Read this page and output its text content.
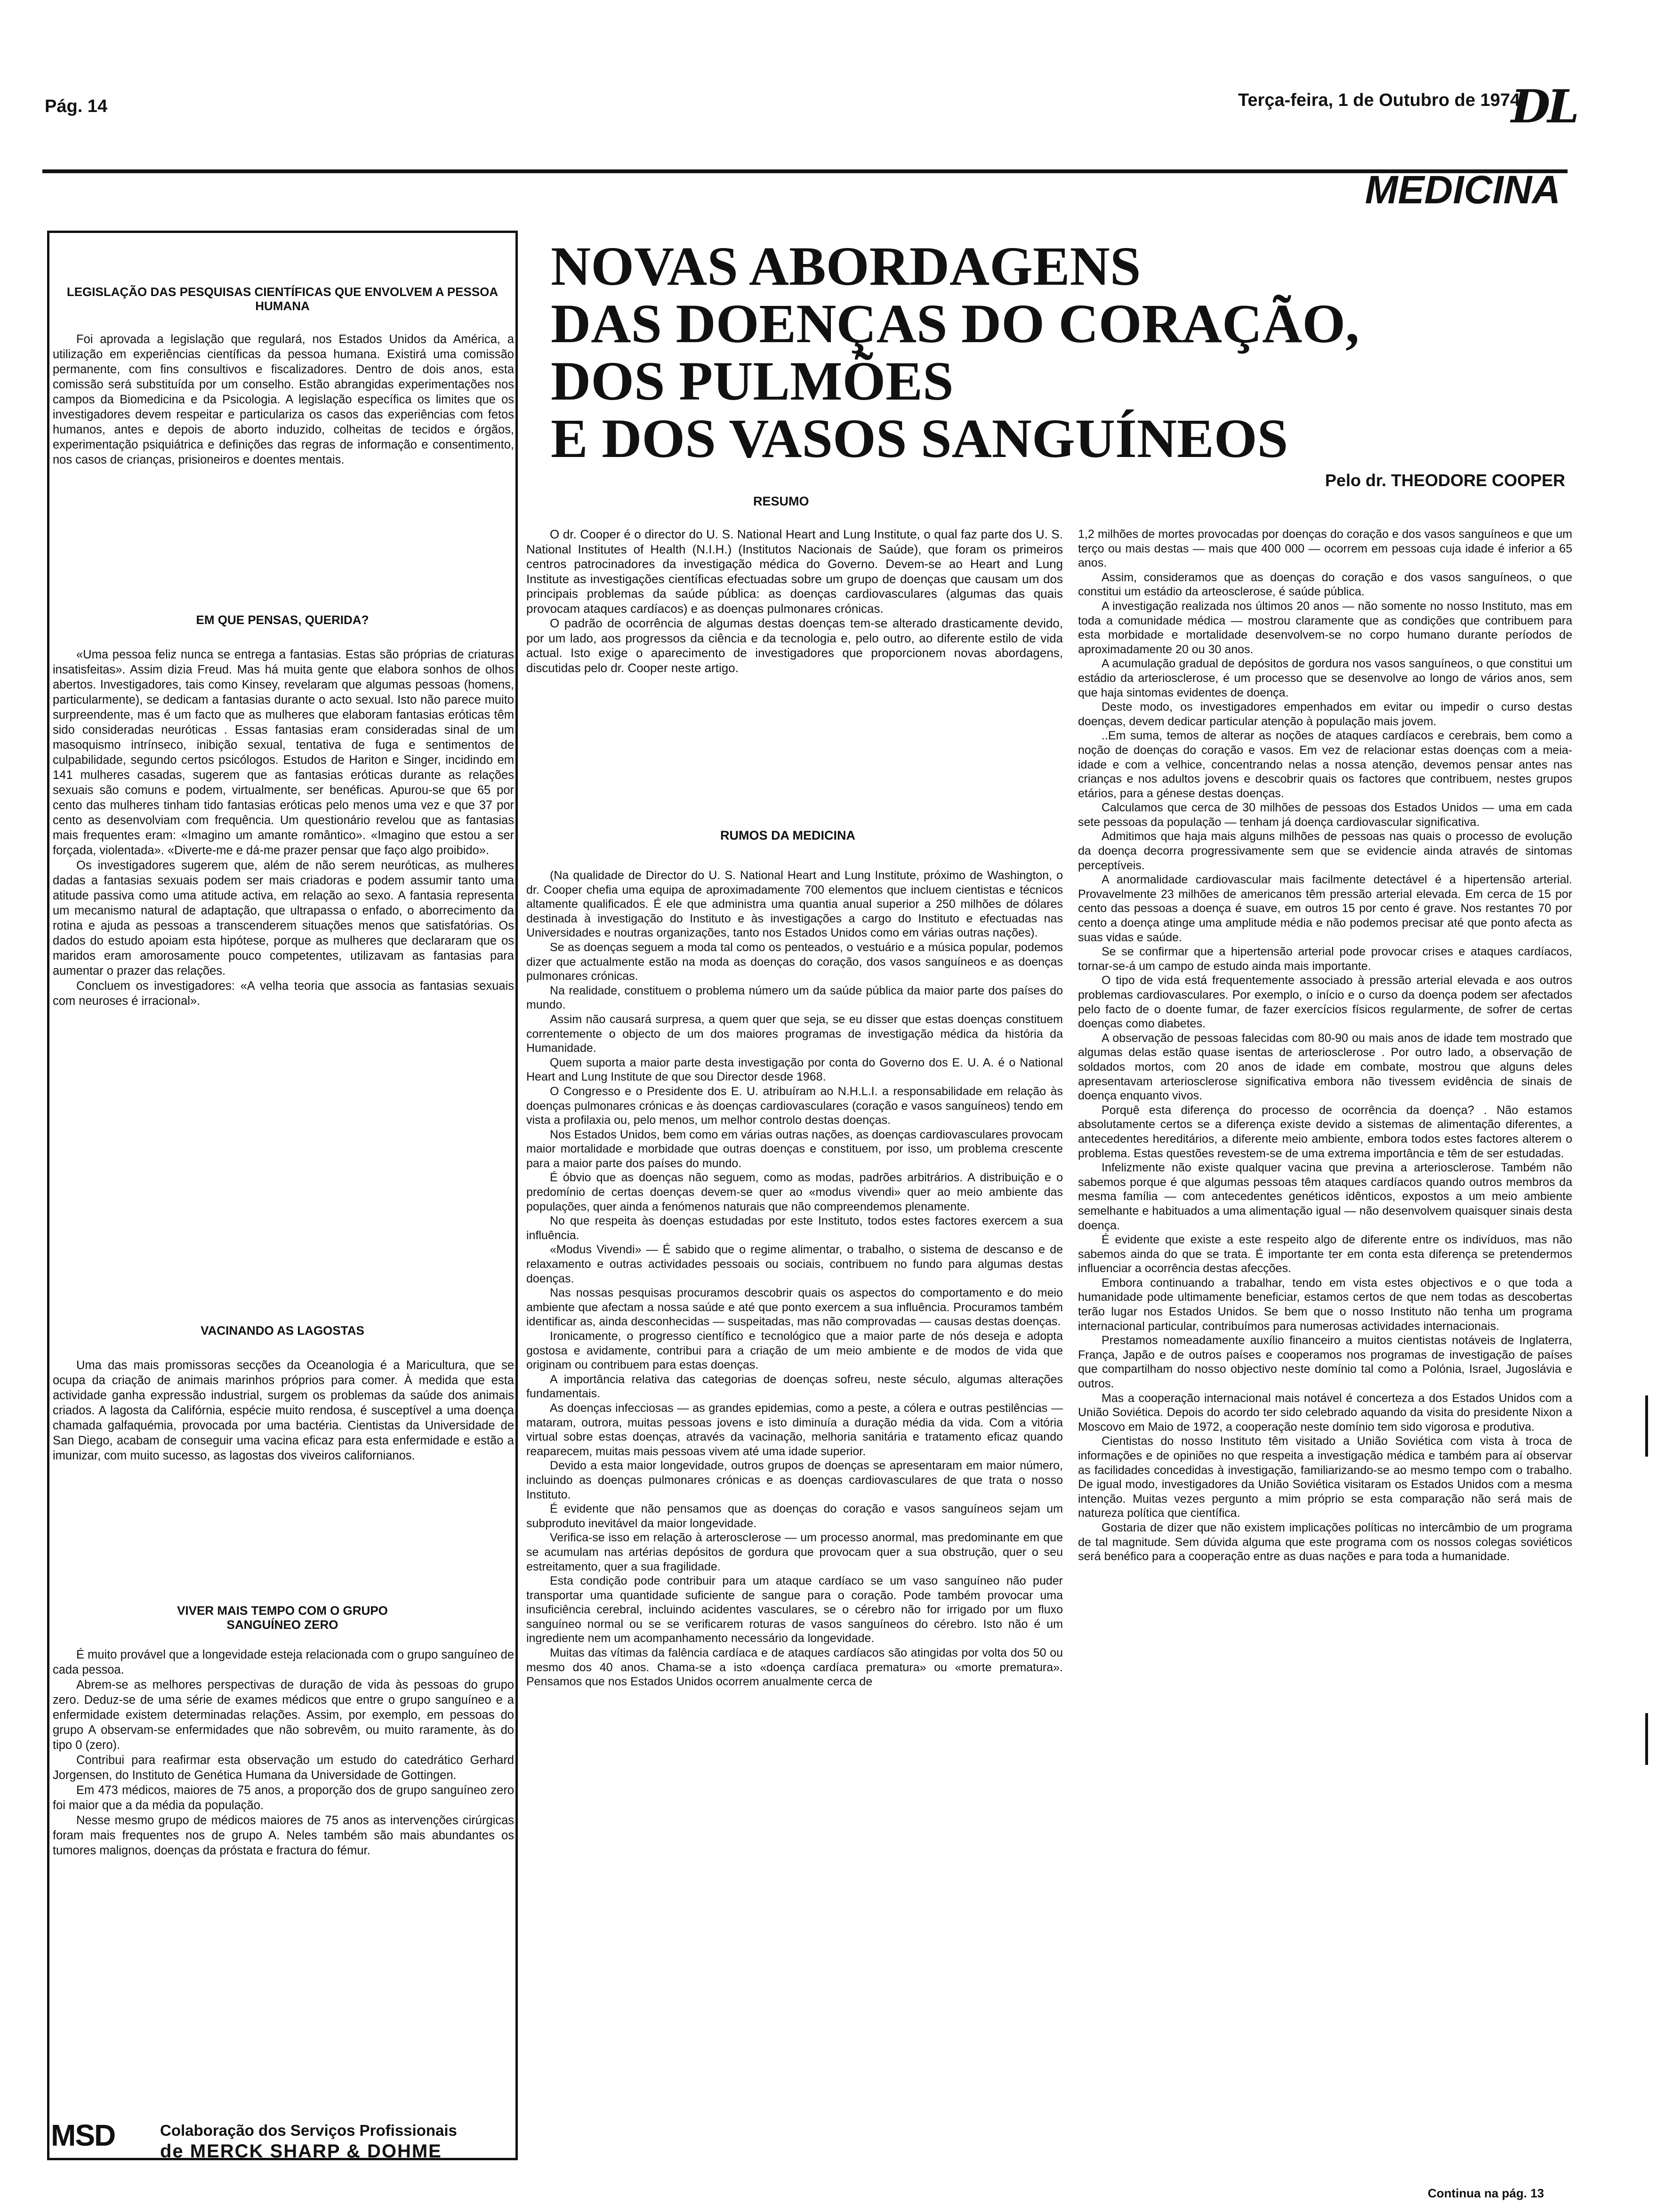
Pág. 14	Terça-feira, 1 de Outubro de 1974
DL
MEDICINA
LEGISLAÇÃO DAS PESQUISAS CIENTÍFICAS QUE ENVOLVEM A PESSOA HUMANA

Foi aprovada a legislação que regulará, nos Estados Unidos da América, a utilização em experiências científicas da pessoa humana. Existirá uma comissão permanente, com fins consultivos e fiscalizadores. Dentro de dois anos, esta comissão será substituída por um conselho. Estão abrangidas experimentações nos campos da Biomedicina e da Psicologia. A legislação específica os limites que os investigadores devem respeitar e particulariza os casos das experiências com fetos humanos, antes e depois de aborto induzido, colheitas de tecidos e órgãos, experimentação psiquiátrica e definições das regras de informação e consentimento, nos casos de crianças, prisioneiros e doentes mentais.

EM QUE PENSAS, QUERIDA?

«Uma pessoa feliz nunca se entrega a fantasias. Estas são próprias de criaturas insatisfeitas». Assim dizia Freud. Mas há muita gente que elabora sonhos de olhos abertos. Investigadores, tais como Kinsey, revelaram que algumas pessoas (homens, particularmente), se dedicam a fantasias durante o acto sexual. Isto não parece muito surpreendente, mas é um facto que as mulheres que elaboram fantasias eróticas têm sido consideradas neuróticas . Essas fantasias eram consideradas sinal de um masoquismo intrínseco, inibição sexual, tentativa de fuga e sentimentos de culpabilidade, segundo certos psicólogos. Estudos de Hariton e Singer, incidindo em 141 mulheres casadas, sugerem que as fantasias eróticas durante as relações sexuais são comuns e podem, virtualmente, ser benéficas. Apurou-se que 65 por cento das mulheres tinham tido fantasias eróticas pelo menos uma vez e que 37 por cento as desenvolviam com frequência. Um questionário revelou que as fantasias mais frequentes eram: «Imagino um amante romântico». «Imagino que estou a ser forçada, violentada». «Diverte-me e dá-me prazer pensar que faço algo proibido».

Os investigadores sugerem que, além de não serem neuróticas, as mulheres dadas a fantasias sexuais podem ser mais criadoras e podem assumir tanto uma atitude passiva como uma atitude activa, em relação ao sexo. A fantasia representa um mecanismo natural de adaptação, que ultrapassa o enfado, o aborrecimento da rotina e ajuda as pessoas a transcenderem situações menos que satisfatórias. Os dados do estudo apoiam esta hipótese, porque as mulheres que declararam que os maridos eram amorosamente pouco competentes, utilizavam as fantasias para aumentar o prazer das relações.

Concluem os investigadores: «A velha teoria que associa as fantasias sexuais com neuroses é irracional».

VACINANDO AS LAGOSTAS

Uma das mais promissoras secções da Oceanologia é a Maricultura, que se ocupa da criação de animais marinhos próprios para comer. À medida que esta actividade ganha expressão industrial, surgem os problemas da saúde dos animais criados. A lagosta da Califórnia, espécie muito rendosa, é susceptível a uma doença chamada galfaquémia, provocada por uma bactéria. Cientistas da Universidade de San Diego, acabam de conseguir uma vacina eficaz para esta enfermidade e estão a imunizar, com muito sucesso, as lagostas dos viveiros californianos.

VIVER MAIS TEMPO COM O GRUPO SANGUÍNEO ZERO

É muito provável que a longevidade esteja relacionada com o grupo sanguíneo de cada pessoa.

Abrem-se as melhores perspectivas de duração de vida às pessoas do grupo zero. Deduz-se de uma série de exames médicos que entre o grupo sanguíneo e a enfermidade existem determinadas relações. Assim, por exemplo, em pessoas do grupo A observam-se enfermidades que não sobrevêm, ou muito raramente, às do tipo 0 (zero).

Contribui para reafirmar esta observação um estudo do catedrático Gerhard Jorgensen, do Instituto de Genética Humana da Universidade de Gottingen.

Em 473 médicos, maiores de 75 anos, a proporção dos de grupo sanguíneo zero foi maior que a da média da população.

Nesse mesmo grupo de médicos maiores de 75 anos as intervenções cirúrgicas foram mais frequentes nos de grupo A. Neles também são mais abundantes os tumores malignos, doenças da próstata e fractura do fémur.

MSD	Colaboração dos Serviços Profissionais
de MERCK SHARP & DOHME
NOVAS ABORDAGENS
DAS DOENÇAS DO CORAÇÃO,
DOS PULMÕES
E DOS VASOS SANGUÍNEOS
Pelo dr. THEODORE COOPER
RESUMO

O dr. Cooper é o director do U. S. National Heart and Lung Institute, o qual faz parte dos U. S. National Institutes of Health (N.I.H.) (Institutos Nacionais de Saúde), que foram os primeiros centros patrocinadores da investigação médica do Governo. Devem-se ao Heart and Lung Institute as investigações científicas efectuadas sobre um grupo de doenças que causam um dos principais problemas da saúde pública: as doenças cardiovasculares (algumas das quais provocam ataques cardíacos) e as doenças pulmonares crónicas.

O padrão de ocorrência de algumas destas doenças tem-se alterado drasticamente devido, por um lado, aos progressos da ciência e da tecnologia e, pelo outro, ao diferente estilo de vida actual. Isto exige o aparecimento de investigadores que proporcionem novas abordagens, discutidas pelo dr. Cooper neste artigo.

RUMOS DA MEDICINA

(Na qualidade de Director do U. S. National Heart and Lung Institute, próximo de Washington, o dr. Cooper chefia uma equipa de aproximadamente 700 elementos que incluem cientistas e técnicos altamente qualificados. É ele que administra uma quantia anual superior a 250 milhões de dólares destinada à investigação do Instituto e às investigações a cargo do Instituto e efectuadas nas Universidades e noutras organizações, tanto nos Estados Unidos como em várias outras nações).

Se as doenças seguem a moda tal como os penteados, o vestuário e a música popular, podemos dizer que actualmente estão na moda as doenças do coração, dos vasos sanguíneos e as doenças pulmonares crónicas.

Na realidade, constituem o problema número um da saúde pública da maior parte dos países do mundo.

Assim não causará surpresa, a quem quer que seja, se eu disser que estas doenças constituem correntemente o objecto de um dos maiores programas de investigação médica da história da Humanidade.

Quem suporta a maior parte desta investigação por conta do Governo dos E. U. A. é o National Heart and Lung Institute de que sou Director desde 1968.

O Congresso e o Presidente dos E. U. atribuíram ao N.H.L.I. a responsabilidade em relação às doenças pulmonares crónicas e às doenças cardiovasculares (coração e vasos sanguíneos) tendo em vista a profilaxia ou, pelo menos, um melhor controlo destas doenças.

Nos Estados Unidos, bem como em várias outras nações, as doenças cardiovasculares provocam maior mortalidade e morbidade que outras doenças e constituem, por isso, um problema crescente para a maior parte dos países do mundo.

É óbvio que as doenças não seguem, como as modas, padrões arbitrários. A distribuição e o predomínio de certas doenças devem-se quer ao «modus vivendi» quer ao meio ambiente das populações, quer ainda a fenómenos naturais que não compreendemos plenamente.

No que respeita às doenças estudadas por este Instituto, todos estes factores exercem a sua influência.

«Modus Vivendi» — É sabido que o regime alimentar, o trabalho, o sistema de descanso e de relaxamento e outras actividades pessoais ou sociais, contribuem no fundo para algumas destas doenças.

Nas nossas pesquisas procuramos descobrir quais os aspectos do comportamento e do meio ambiente que afectam a nossa saúde e até que ponto exercem a sua influência. Procuramos também identificar as, ainda desconhecidas — suspeitadas, mas não comprovadas — causas destas doenças.

Ironicamente, o progresso científico e tecnológico que a maior parte de nós deseja e adopta gostosa e avidamente, contribui para a criação de um meio ambiente e de modos de vida que originam ou contribuem para estas doenças.

A importância relativa das categorias de doenças sofreu, neste século, algumas alterações fundamentais.

As doenças infecciosas — as grandes epidemias, como a peste, a cólera e outras pestilências — mataram, outrora, muitas pessoas jovens e isto diminuía a duração média da vida. Com a vitória virtual sobre estas doenças, através da vacinação, melhoria sanitária e tratamento eficaz quando reaparecem, muitas mais pessoas vivem até uma idade superior.

Devido a esta maior longevidade, outros grupos de doenças se apresentaram em maior número, incluindo as doenças pulmonares crónicas e as doenças cardiovasculares de que trata o nosso Instituto.

É evidente que não pensamos que as doenças do coração e vasos sanguíneos sejam um subproduto inevitável da maior longevidade.

Verifica-se isso em relação à arteroscIerose — um processo anormal, mas predominante em que se acumulam nas artérias depósitos de gordura que provocam quer a sua obstrução, quer o seu estreitamento, quer a sua fragilidade.

Esta condição pode contribuir para um ataque cardíaco se um vaso sanguíneo não puder transportar uma quantidade suficiente de sangue para o coração. Pode também provocar uma insuficiência cerebral, incluindo acidentes vasculares, se o cérebro não for irrigado por um fluxo sanguíneo normal ou se se verificarem roturas de vasos sanguíneos do cérebro. Isto não é um ingrediente nem um acompanhamento necessário da longevidade.

Muitas das vítimas da falência cardíaca e de ataques cardíacos são atingidas por volta dos 50 ou mesmo dos 40 anos. Chama-se a isto «doença cardíaca prematura» ou «morte prematura». Pensamos que nos Estados Unidos ocorrem anualmente cerca de

1,2 milhões de mortes provocadas por doenças do coração e dos vasos sanguíneos e que um terço ou mais destas — mais que 400 000 — ocorrem em pessoas cuja idade é inferior a 65 anos.

Assim, consideramos que as doenças do coração e dos vasos sanguíneos, o que constitui um estádio da arteosclerose, é saúde pública.

A investigação realizada nos últimos 20 anos — não somente no nosso Instituto, mas em toda a comunidade médica — mostrou claramente que as condições que contribuem para esta morbidade e mortalidade desenvolvem-se no corpo humano durante períodos de aproximadamente 20 ou 30 anos.

A acumulação gradual de depósitos de gordura nos vasos sanguíneos, o que constitui um estádio da arteriosclerose, é um processo que se desenvolve ao longo de vários anos, sem que haja sintomas evidentes de doença.

Deste modo, os investigadores empenhados em evitar ou impedir o curso destas doenças, devem dedicar particular atenção à população mais jovem.

..Em suma, temos de alterar as noções de ataques cardíacos e cerebrais, bem como a noção de doenças do coração e vasos. Em vez de relacionar estas doenças com a meia-idade e com a velhice, concentrando nelas a nossa atenção, devemos pensar antes nas crianças e nos adultos jovens e descobrir quais os factores que contribuem, nestes grupos etários, para a génese destas doenças.

Calculamos que cerca de 30 milhões de pessoas dos Estados Unidos — uma em cada sete pessoas da população — tenham já doença cardiovascular significativa.

Admitimos que haja mais alguns milhões de pessoas nas quais o processo de evolução da doença decorra progressivamente sem que se evidencie ainda através de sintomas perceptíveis.

A anormalidade cardiovascular mais facilmente detectável é a hipertensão arterial. Provavelmente 23 milhões de americanos têm pressão arterial elevada. Em cerca de 15 por cento das pessoas a doença é suave, em outros 15 por cento é grave. Nos restantes 70 por cento a doença atinge uma amplitude média e não podemos precisar até que ponto afecta as suas vidas e saúde.

Se se confirmar que a hipertensão arterial pode provocar crises e ataques cardíacos, tornar-se-á um campo de estudo ainda mais importante.

O tipo de vida está frequentemente associado à pressão arterial elevada e aos outros problemas cardiovasculares. Por exemplo, o início e o curso da doença podem ser afectados pelo facto de o doente fumar, de fazer exercícios físicos regularmente, de sofrer de certas doenças como diabetes.

A observação de pessoas falecidas com 80-90 ou mais anos de idade tem mostrado que algumas delas estão quase isentas de arteriosclerose . Por outro lado, a observação de soldados mortos, com 20 anos de idade em combate, mostrou que alguns deles apresentavam arteriosclerose significativa embora não tivessem evidência de sinais de doença enquanto vivos.

Porquê esta diferença do processo de ocorrência da doença? . Não estamos absolutamente certos se a diferença existe devido a sistemas de alimentação diferentes, a antecedentes hereditários, a diferente meio ambiente, embora todos estes factores alterem o problema. Estas questões revestem-se de uma extrema importância e têm de ser estudadas.

Infelizmente não existe qualquer vacina que previna a arteriosclerose. Também não sabemos porque é que algumas pessoas têm ataques cardíacos quando outros membros da mesma família — com antecedentes genéticos idênticos, expostos a um meio ambiente semelhante e habituados a uma alimentação igual — não desenvolvem quaisquer sinais desta doença.

É evidente que existe a este respeito algo de diferente entre os indivíduos, mas não sabemos ainda do que se trata. É importante ter em conta esta diferença se pretendermos influenciar a ocorrência destas afecções.

Embora continuando a trabalhar, tendo em vista estes objectivos e o que toda a humanidade pode ultimamente beneficiar, estamos certos de que nem todas as descobertas terão lugar nos Estados Unidos. Se bem que o nosso Instituto não tenha um programa internacional particular, contribuímos para numerosas actividades internacionais.

Prestamos nomeadamente auxílio financeiro a muitos cientistas notáveis de Inglaterra, França, Japão e de outros países e cooperamos nos programas de investigação de países que compartilham do nosso objectivo neste domínio tal como a Polónia, Israel, Jugoslávia e outros.

Mas a cooperação internacional mais notável é concerteza a dos Estados Unidos com a União Soviética. Depois do acordo ter sido celebrado aquando da visita do presidente Nixon a Moscovo em Maio de 1972, a cooperação neste domínio tem sido vigorosa e produtiva.

Cientistas do nosso Instituto têm visitado a União Soviética com vista à troca de informações e de opiniões no que respeita a investigação médica e também para aí observar as facilidades concedidas à investigação, familiarizando-se ao mesmo tempo com o trabalho. De igual modo, investigadores da União Soviética visitaram os Estados Unidos com a mesma intenção. Muitas vezes pergunto a mim próprio se esta comparação não será mais de natureza política que científica.

Gostaria de dizer que não existem implicações políticas no intercâmbio de um programa de tal magnitude. Sem dúvida alguma que este programa com os nossos colegas soviéticos será benéfico para a cooperação entre as duas nações e para toda a humanidade.

Continua na pág. 13
